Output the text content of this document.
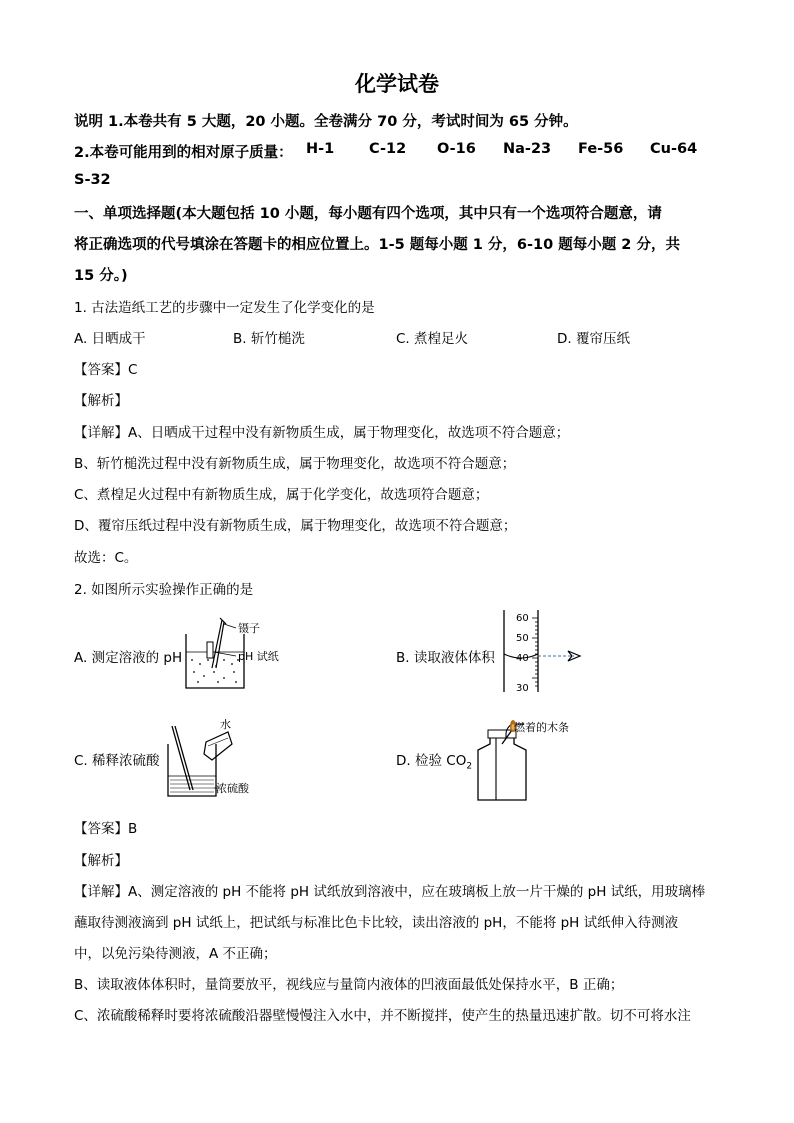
化学试卷
说明 1.本卷共有 5 大题，20 小题。全卷满分 70 分，考试时间为 65 分钟。
2.本卷可能用到的相对原子质量： H-1 C-12 O-16 Na-23 Fe-56 Cu-64
S-32
一、单项选择题(本大题包括 10 小题，每小题有四个选项，其中只有一个选项符合题意，请
将正确选项的代号填涂在答题卡的相应位置上。1-5 题每小题 1 分，6-10 题每小题 2 分，共
15 分。)
1. 古法造纸工艺的步骤中一定发生了化学变化的是
A. 日晒成干	B. 斩竹槌洗	C. 煮楻足火	D. 覆帘压纸
【答案】C
【解析】
【详解】A、日晒成干过程中没有新物质生成，属于物理变化，故选项不符合题意；
B、斩竹槌洗过程中没有新物质生成，属于物理变化，故选项不符合题意；
C、煮楻足火过程中有新物质生成，属于化学变化，故选项符合题意；
D、覆帘压纸过程中没有新物质生成，属于物理变化，故选项不符合题意；
故选：C。
2. 如图所示实验操作正确的是
A. 测定溶液的 pH
镊子
pH 试纸	B. 读取液体体积
60
50
40
30
C. 稀释浓硫酸
水
浓硫酸
D. 检验 $CO_2$
燃着的木条
【答案】B
【解析】
【详解】A、测定溶液的 pH 不能将 pH 试纸放到溶液中，应在玻璃板上放一片干燥的 pH 试纸，用玻璃棒
蘸取待测液滴到 pH 试纸上，把试纸与标准比色卡比较，读出溶液的 pH，不能将 pH 试纸伸入待测液
中，以免污染待测液，A 不正确；
B、读取液体体积时，量筒要放平，视线应与量筒内液体的凹液面最低处保持水平，B 正确；
C、浓硫酸稀释时要将浓硫酸沿器壁慢慢注入水中，并不断搅拌，使产生的热量迅速扩散。切不可将水注
